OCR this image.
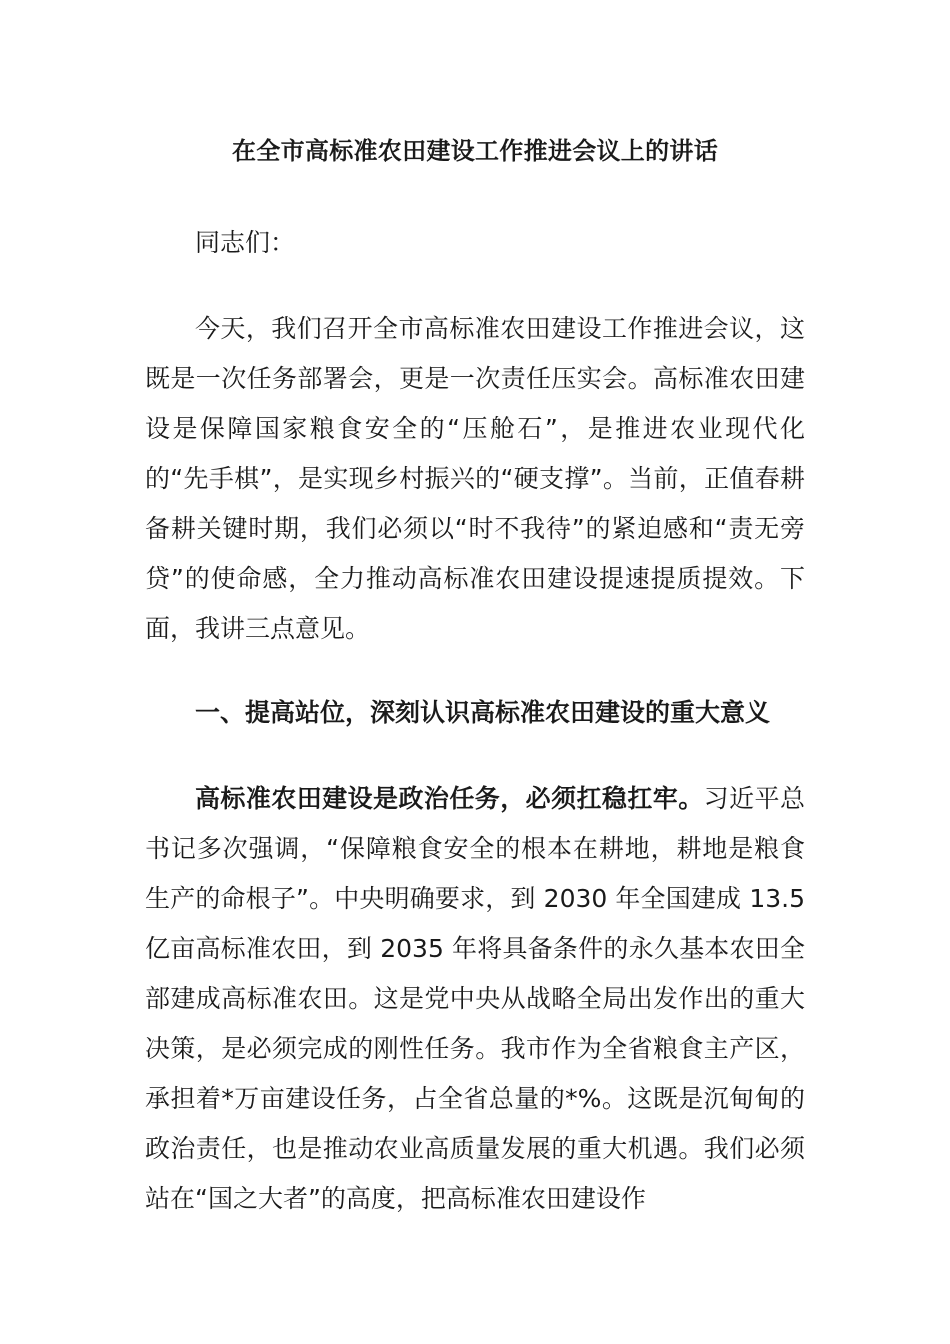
在全市高标准农田建设工作推进会议上的讲话

同志们：

今天，我们召开全市高标准农田建设工作推进会议，这既是一次任务部署会，更是一次责任压实会。高标准农田建设是保障国家粮食安全的“压舱石”，是推进农业现代化的“先手棋”，是实现乡村振兴的“硬支撑”。当前，正值春耕备耕关键时期，我们必须以“时不我待”的紧迫感和“责无旁贷”的使命感，全力推动高标准农田建设提速提质提效。下面，我讲三点意见。

一、提高站位，深刻认识高标准农田建设的重大意义

高标准农田建设是政治任务，必须扛稳扛牢。习近平总书记多次强调，“保障粮食安全的根本在耕地，耕地是粮食生产的命根子”。中央明确要求，到 2030 年全国建成 13.5 亿亩高标准农田，到 2035 年将具备条件的永久基本农田全部建成高标准农田。这是党中央从战略全局出发作出的重大决策，是必须完成的刚性任务。我市作为全省粮食主产区，承担着*万亩建设任务，占全省总量的*%。这既是沉甸甸的政治责任，也是推动农业高质量发展的重大机遇。我们必须站在“国之大者”的高度，把高标准农田建设作
